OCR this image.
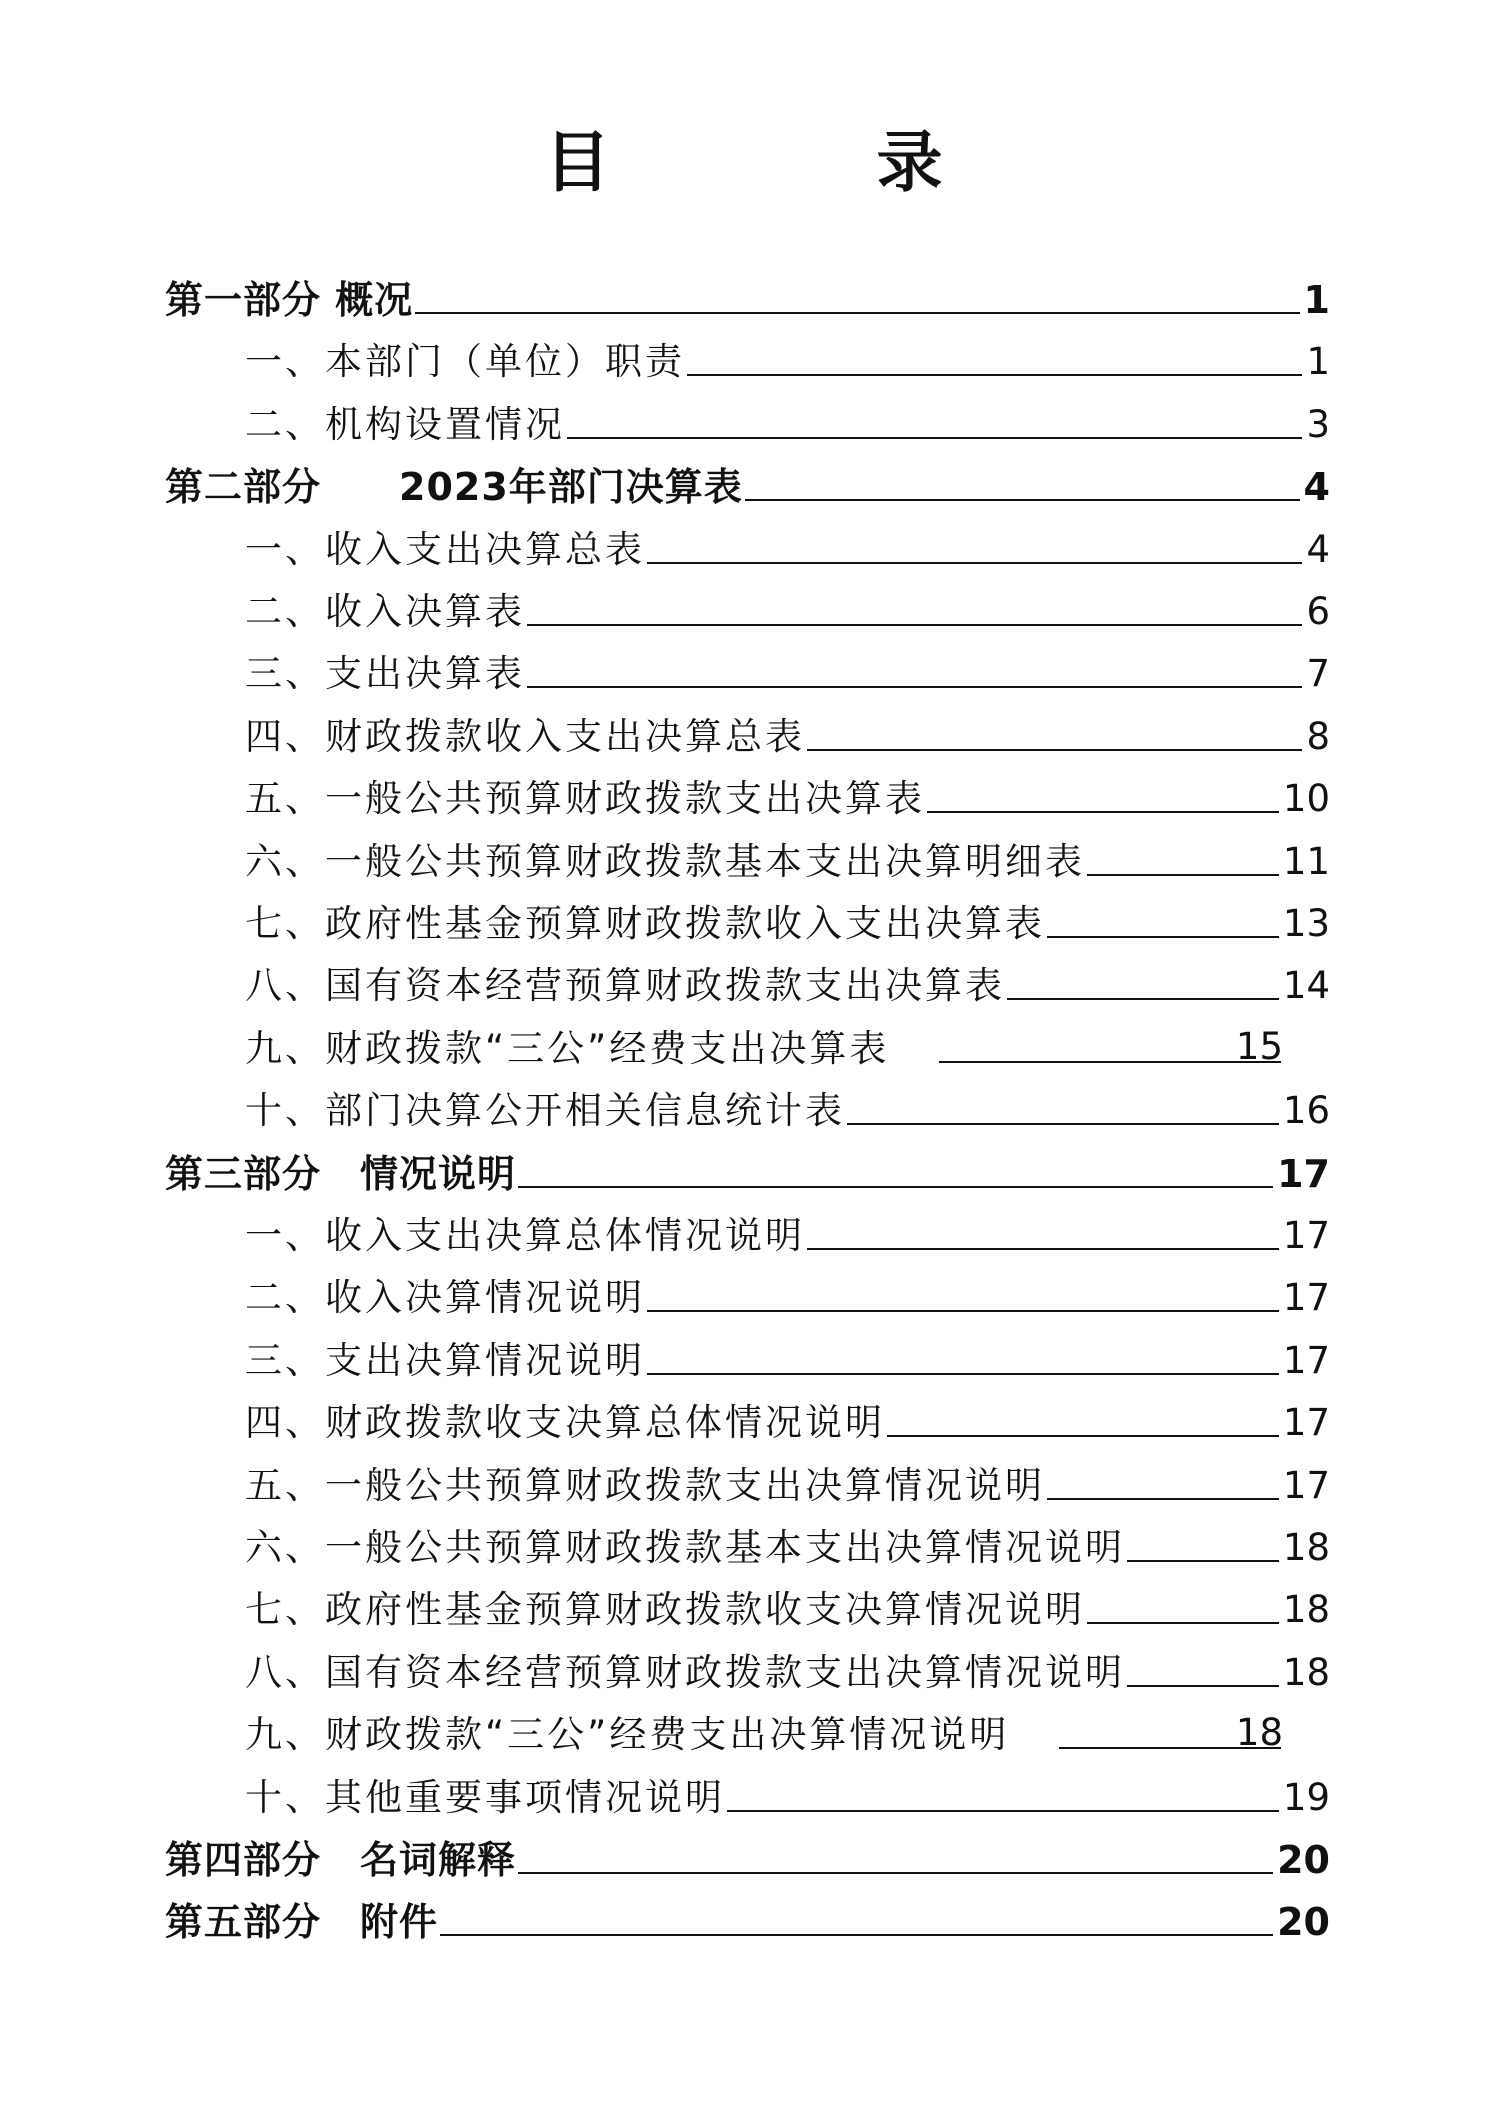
目　录
第一部分 概况	1
一、本部门（单位）职责	1
二、机构设置情况	3
第二部分　　2023年部门决算表	4
一、收入支出决算总表	4
二、收入决算表	6
三、支出决算表	7
四、财政拨款收入支出决算总表	8
五、一般公共预算财政拨款支出决算表	10
六、一般公共预算财政拨款基本支出决算明细表	11
七、政府性基金预算财政拨款收入支出决算表	13
八、国有资本经营预算财政拨款支出决算表	14
九、财政拨款“三公”经费支出决算表	15
十、部门决算公开相关信息统计表	16
第三部分　情况说明	17
一、收入支出决算总体情况说明	17
二、收入决算情况说明	17
三、支出决算情况说明	17
四、财政拨款收支决算总体情况说明	17
五、一般公共预算财政拨款支出决算情况说明	17
六、一般公共预算财政拨款基本支出决算情况说明	18
七、政府性基金预算财政拨款收支决算情况说明	18
八、国有资本经营预算财政拨款支出决算情况说明	18
九、财政拨款“三公”经费支出决算情况说明	18
十、其他重要事项情况说明	19
第四部分　名词解释	20
第五部分　附件	20
